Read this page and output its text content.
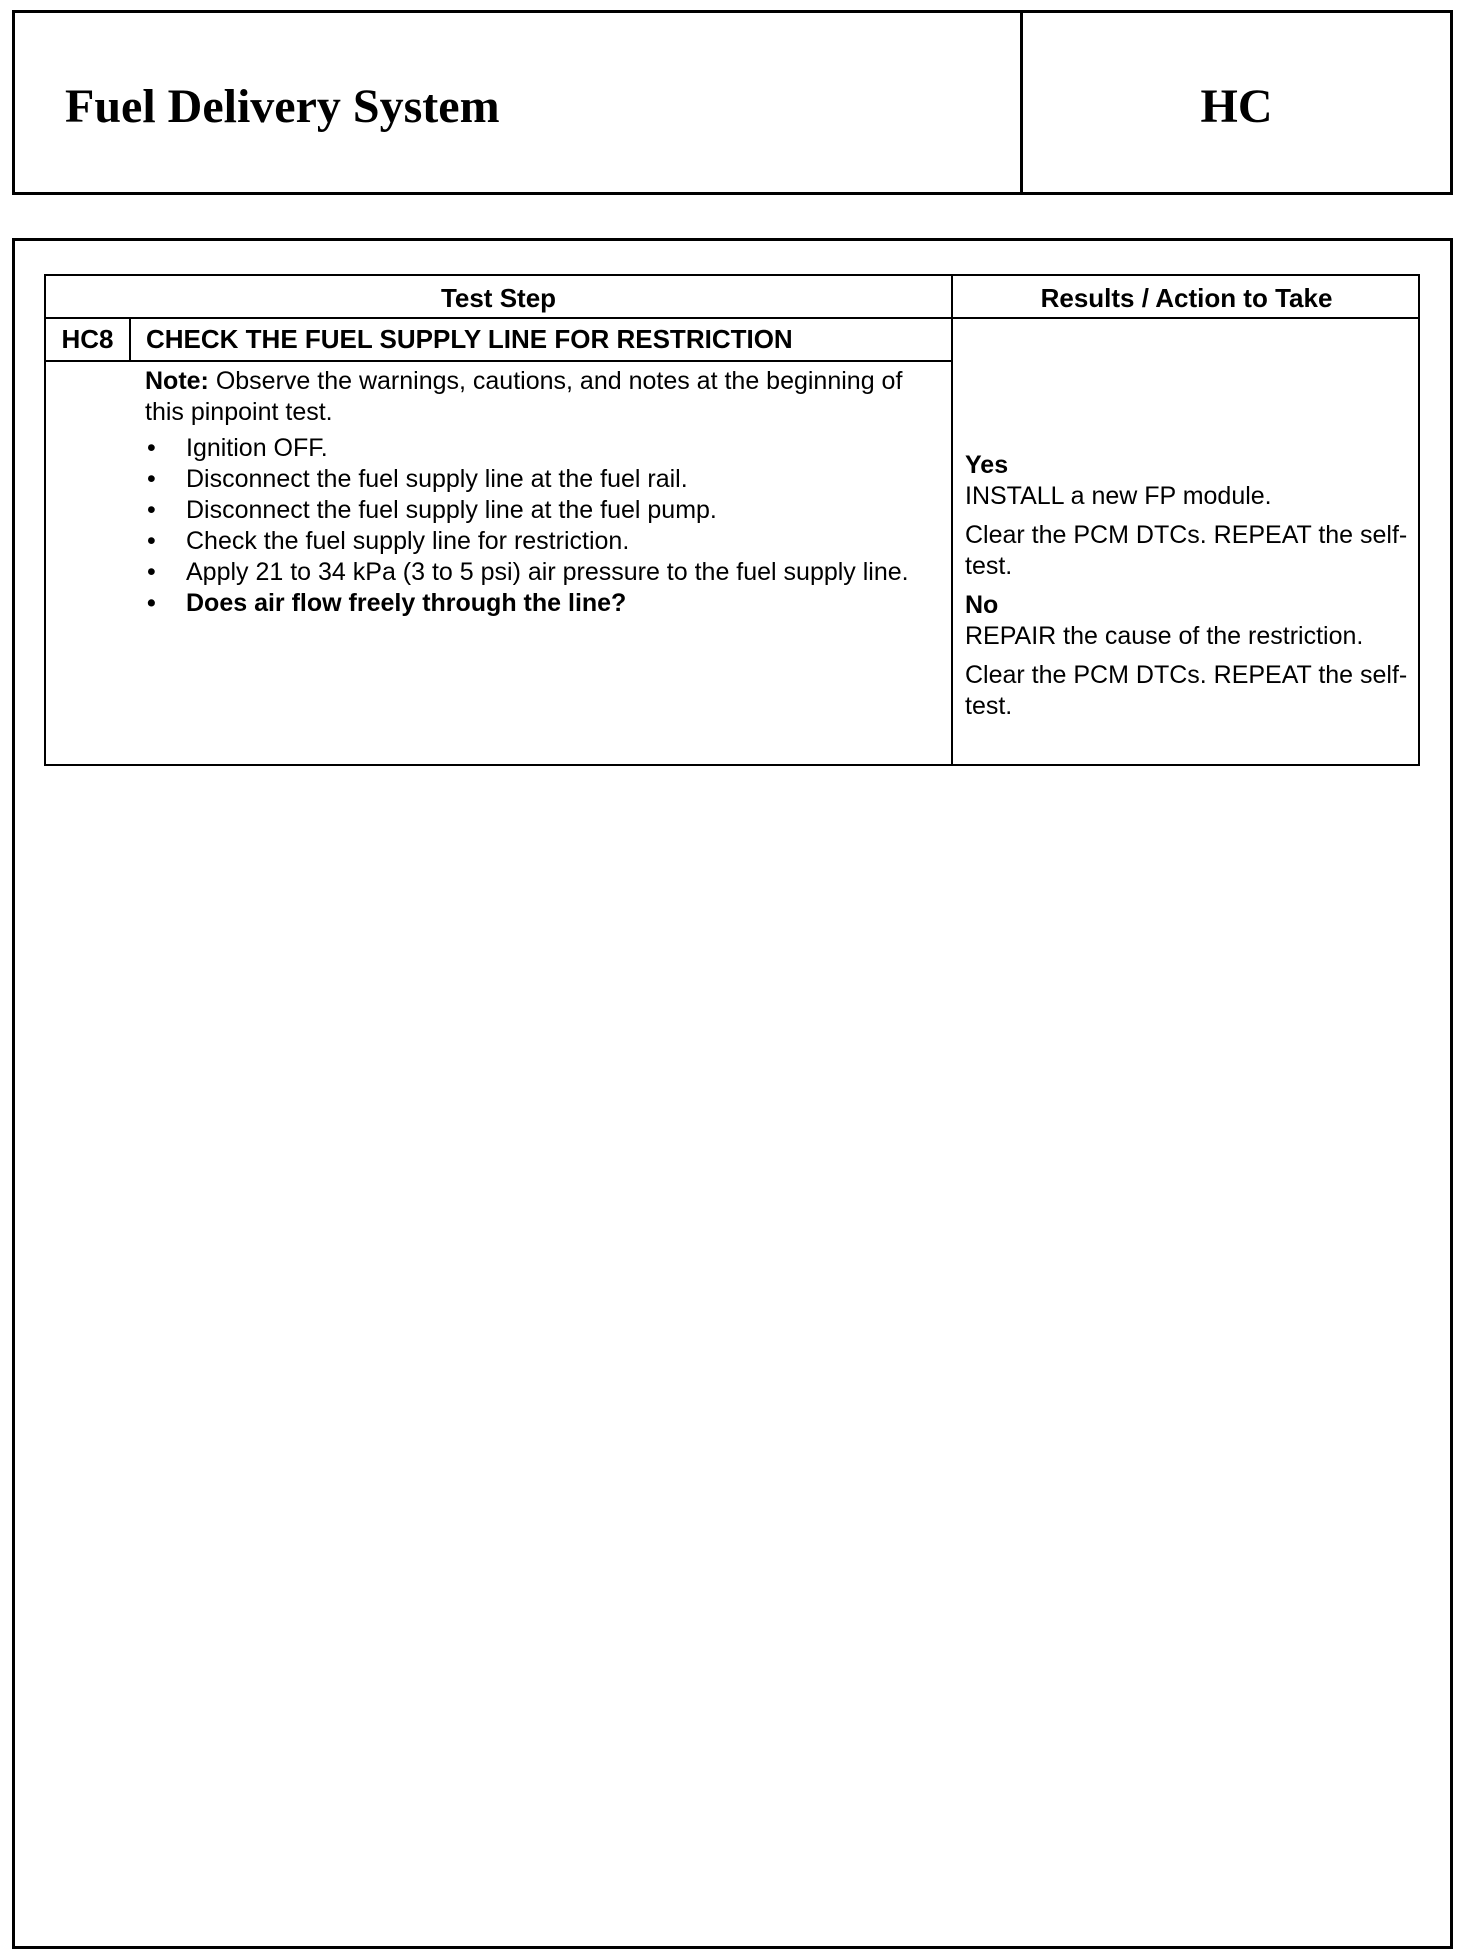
Fuel Delivery System	HC
Test Step	Results / Action to Take
HC8	CHECK THE FUEL SUPPLY LINE FOR RESTRICTION

Note: Observe the warnings, cautions, and notes at the beginning of this pinpoint test.

• Ignition OFF.
• Disconnect the fuel supply line at the fuel rail.
• Disconnect the fuel supply line at the fuel pump.
• Check the fuel supply line for restriction.
• Apply 21 to 34 kPa (3 to 5 psi) air pressure to the fuel supply line.
• Does air flow freely through the line?
Yes

INSTALL a new FP module.

Clear the PCM DTCs. REPEAT the self-test.

No

REPAIR the cause of the restriction.

Clear the PCM DTCs. REPEAT the self-test.
